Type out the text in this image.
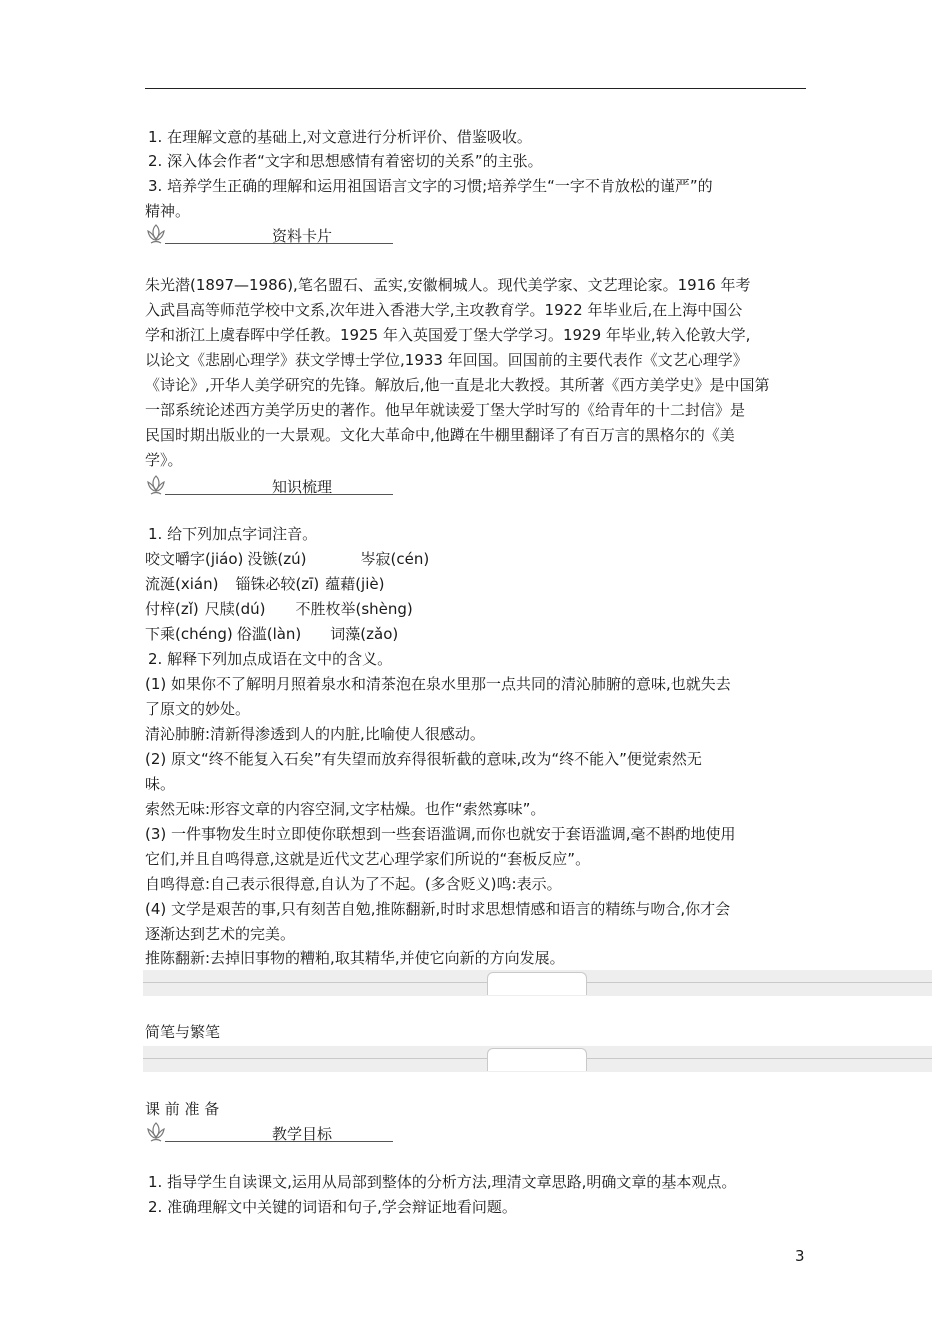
1. 在理解文意的基础上,对文意进行分析评价、借鉴吸收。
2. 深入体会作者“文字和思想感情有着密切的关系”的主张。
3. 培养学生正确的理解和运用祖国语言文字的习惯;培养学生“一字不肯放松的谨严”的
精神。
资料卡片
朱光潜(1897—1986),笔名盟石、孟实,安徽桐城人。现代美学家、文艺理论家。1916 年考
入武昌高等师范学校中文系,次年进入香港大学,主攻教育学。1922 年毕业后,在上海中国公
学和浙江上虞春晖中学任教。1925 年入英国爱丁堡大学学习。1929 年毕业,转入伦敦大学,
以论文《悲剧心理学》获文学博士学位,1933 年回国。回国前的主要代表作《文艺心理学》
《诗论》,开华人美学研究的先锋。解放后,他一直是北大教授。其所著《西方美学史》是中国第
一部系统论述西方美学历史的著作。他早年就读爱丁堡大学时写的《给青年的十二封信》是
民国时期出版业的一大景观。文化大革命中,他蹲在牛棚里翻译了有百万言的黑格尔的《美
学》。
知识梳理
1. 给下列加点字词注音。
咬文嚼字(jiáo) 没镞(zú)	岑寂(cén)
流涎(xián) 锱铢必较(zī) 蕴藉(jiè)
付梓(zǐ) 尺牍(dú) 不胜枚举(shèng)
下乘(chéng) 俗滥(làn) 词藻(zǎo)
2. 解释下列加点成语在文中的含义。
(1) 如果你不了解明月照着泉水和清茶泡在泉水里那一点共同的清沁肺腑的意味,也就失去
了原文的妙处。
清沁肺腑:清新得渗透到人的内脏,比喻使人很感动。
(2) 原文“终不能复入石矣”有失望而放弃得很斩截的意味,改为“终不能入”便觉索然无
味。
索然无味:形容文章的内容空洞,文字枯燥。也作“索然寡味”。
(3) 一件事物发生时立即使你联想到一些套语滥调,而你也就安于套语滥调,毫不斟酌地使用
它们,并且自鸣得意,这就是近代文艺心理学家们所说的“套板反应”。
自鸣得意:自己表示很得意,自认为了不起。(多含贬义)鸣:表示。
(4) 文学是艰苦的事,只有刻苦自勉,推陈翻新,时时求思想情感和语言的精练与吻合,你才会
逐渐达到艺术的完美。
推陈翻新:去掉旧事物的糟粕,取其精华,并使它向新的方向发展。
简笔与繁笔
课 前 准 备
教学目标
1. 指导学生自读课文,运用从局部到整体的分析方法,理清文章思路,明确文章的基本观点。
2. 准确理解文中关键的词语和句子,学会辩证地看问题。
3
